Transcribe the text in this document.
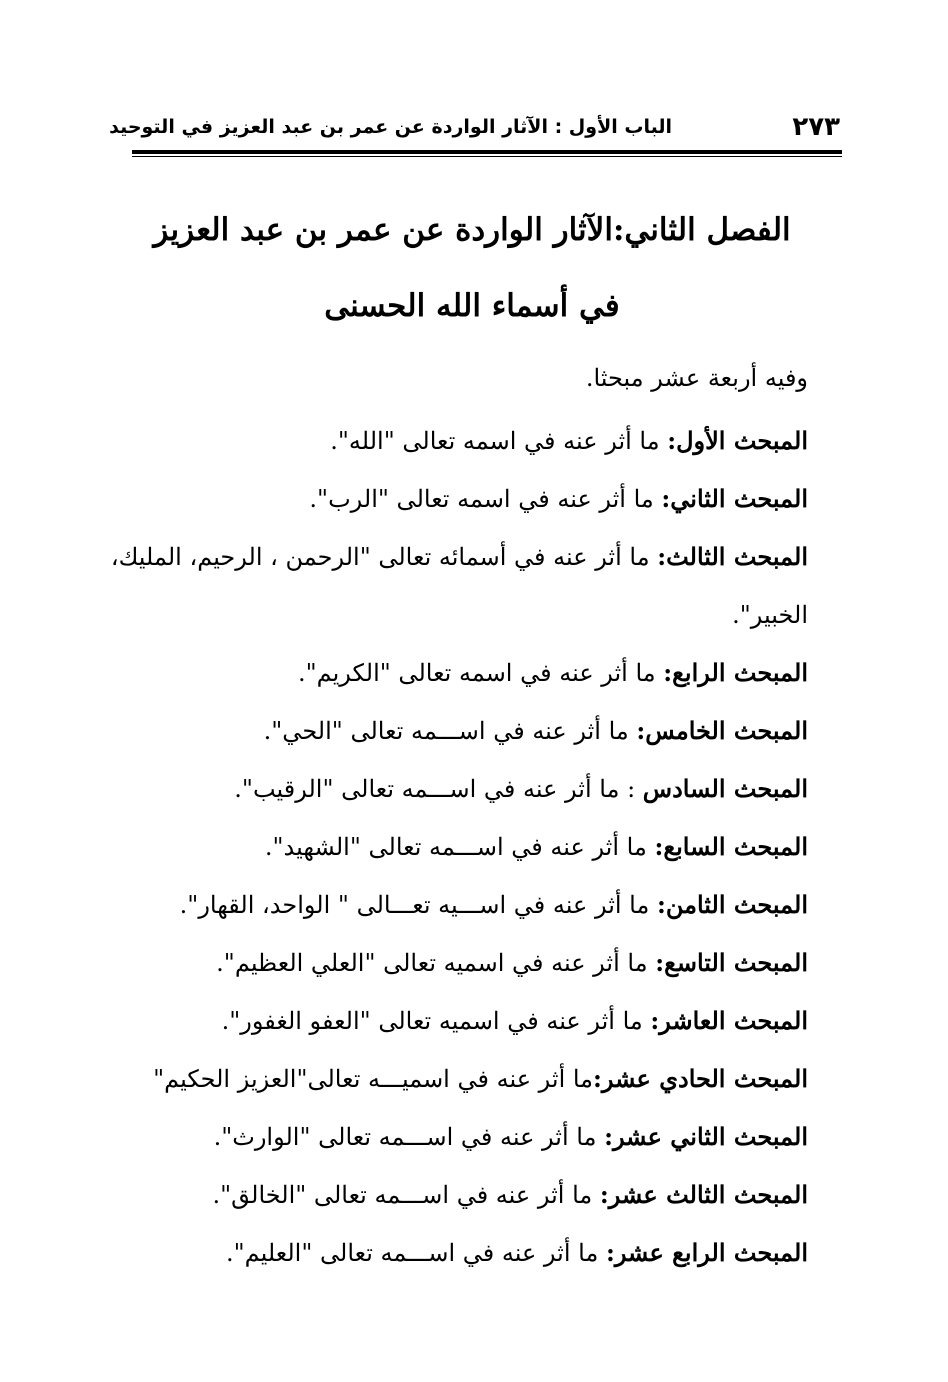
٢٧٣
الباب الأول : الآثار الواردة عن عمر بن عبد العزيز في التوحيد
الفصل الثاني:الآثار الواردة عن عمر بن عبد العزيز
في أسماء الله الحسنى
وفيه أربعة عشر مبحثا.
المبحث الأول: ما أثر عنه في اسمه تعالى "الله".
المبحث الثاني: ما أثر عنه في اسمه تعالى "الرب".
المبحث الثالث: ما أثر عنه في أسمائه تعالى "الرحمن ، الرحيم، المليك، الخبير".
المبحث الرابع: ما أثر عنه في اسمه تعالى "الكريم".
المبحث الخامس: ما أثر عنه في اســـمه تعالى "الحي".
المبحث السادس : ما أثر عنه في اســـمه تعالى "الرقيب".
المبحث السابع: ما أثر عنه في اســـمه تعالى "الشهيد".
المبحث الثامن: ما أثر عنه في اســـيه تعـــالى " الواحد، القهار".
المبحث التاسع: ما أثر عنه في اسميه تعالى "العلي العظيم".
المبحث العاشر: ما أثر عنه في اسميه تعالى "العفو الغفور".
المبحث الحادي عشر:ما أثر عنه في اسميـــه تعالى"العزيز الحكيم"
المبحث الثاني عشر: ما أثر عنه في اســـمه تعالى "الوارث".
المبحث الثالث عشر: ما أثر عنه في اســـمه تعالى "الخالق".
المبحث الرابع عشر: ما أثر عنه في اســـمه تعالى "العليم".
